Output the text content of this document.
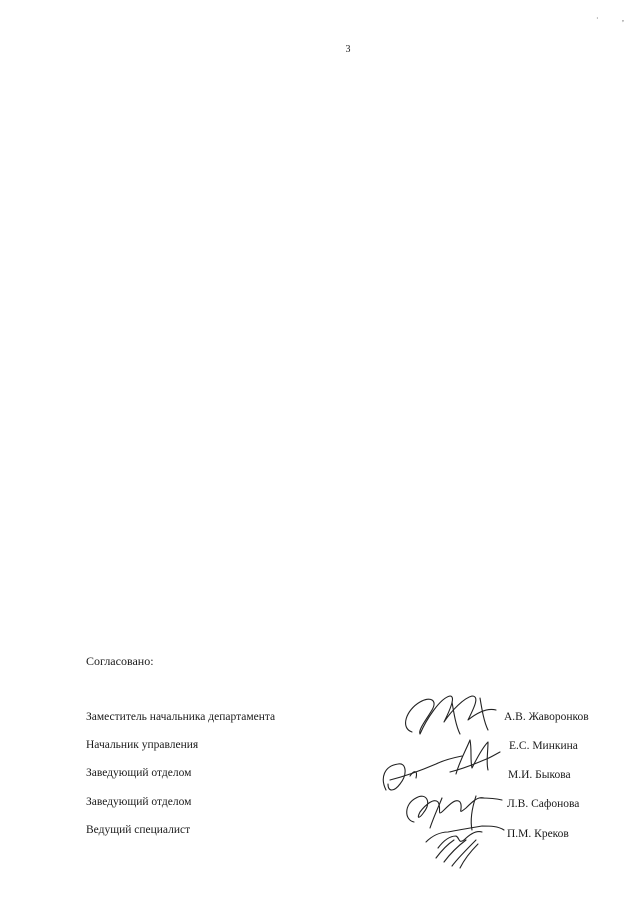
·	,
3
Согласовано:
Заместитель начальника департамента	А.В. Жаворонков
Начальник управления	Е.С. Минкина
Заведующий отделом	М.И. Быкова
Заведующий отделом	Л.В. Сафонова
Ведущий специалист	П.М. Креков
